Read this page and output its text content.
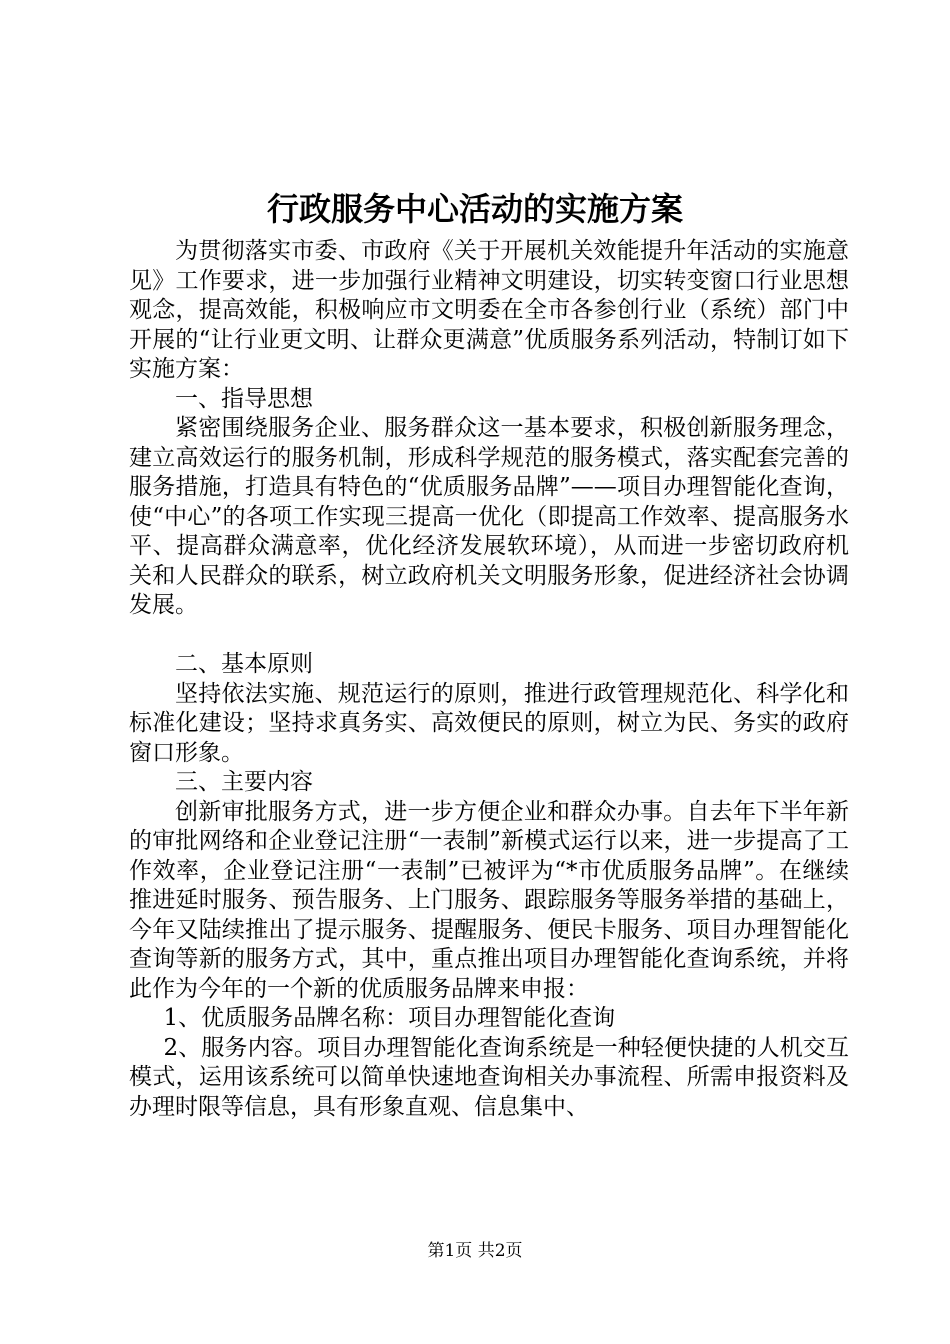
行政服务中心活动的实施方案

为贯彻落实市委、市政府《关于开展机关效能提升年活动的实施意见》工作要求，进一步加强行业精神文明建设，切实转变窗口行业思想观念，提高效能，积极响应市文明委在全市各参创行业（系统）部门中开展的“让行业更文明、让群众更满意”优质服务系列活动，特制订如下实施方案：

一、指导思想

紧密围绕服务企业、服务群众这一基本要求，积极创新服务理念，建立高效运行的服务机制，形成科学规范的服务模式，落实配套完善的服务措施，打造具有特色的“优质服务品牌”——项目办理智能化查询，使“中心”的各项工作实现三提高一优化（即提高工作效率、提高服务水平、提高群众满意率，优化经济发展软环境），从而进一步密切政府机关和人民群众的联系，树立政府机关文明服务形象，促进经济社会协调发展。

二、基本原则

坚持依法实施、规范运行的原则，推进行政管理规范化、科学化和标准化建设；坚持求真务实、高效便民的原则，树立为民、务实的政府窗口形象。

三、主要内容

创新审批服务方式，进一步方便企业和群众办事。自去年下半年新的审批网络和企业登记注册“一表制”新模式运行以来，进一步提高了工作效率，企业登记注册“一表制”已被评为“*市优质服务品牌”。在继续推进延时服务、预告服务、上门服务、跟踪服务等服务举措的基础上，今年又陆续推出了提示服务、提醒服务、便民卡服务、项目办理智能化查询等新的服务方式，其中，重点推出项目办理智能化查询系统，并将此作为今年的一个新的优质服务品牌来申报：

1、优质服务品牌名称：项目办理智能化查询

2、服务内容。项目办理智能化查询系统是一种轻便快捷的人机交互模式，运用该系统可以简单快速地查询相关办事流程、所需申报资料及办理时限等信息，具有形象直观、信息集中、

第1页 共2页
